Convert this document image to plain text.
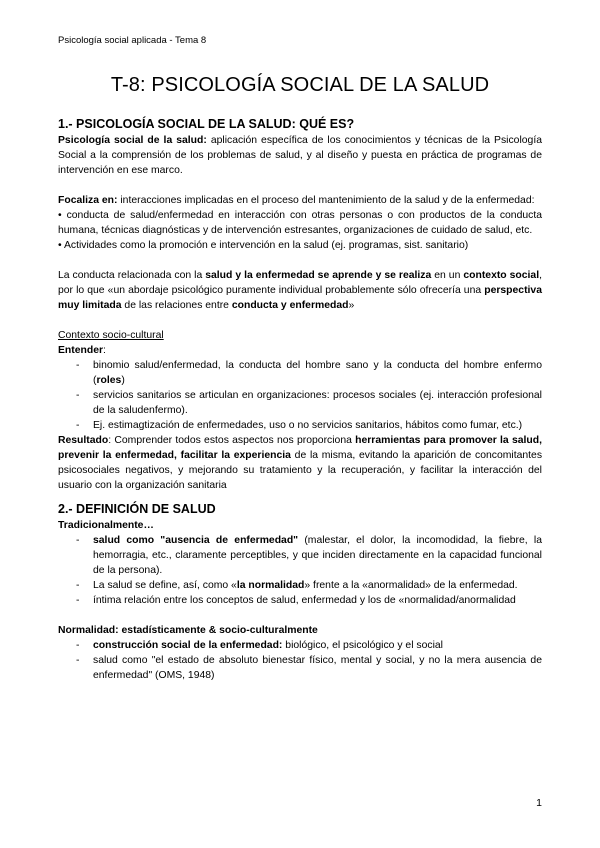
Psicología social aplicada - Tema 8
T-8: PSICOLOGÍA SOCIAL DE LA SALUD
1.- PSICOLOGÍA SOCIAL DE LA SALUD: QUÉ ES?

Psicología social de la salud: aplicación específica de los conocimientos y técnicas de la Psicología Social a la comprensión de los problemas de salud, y al diseño y puesta en práctica de programas de intervención en ese marco.

Focaliza en: interacciones implicadas en el proceso del mantenimiento de la salud y de la enfermedad:

• conducta de salud/enfermedad en interacción con otras personas o con productos de la conducta humana, técnicas diagnósticas y de intervención estresantes, organizaciones de cuidado de salud, etc.

• Actividades como la promoción e intervención en la salud (ej. programas, sist. sanitario)

La conducta relacionada con la salud y la enfermedad se aprende y se realiza en un contexto social, por lo que «un abordaje psicológico puramente individual probablemente sólo ofrecería una perspectiva muy limitada de las relaciones entre conducta y enfermedad»

Contexto socio-cultural

Entender:

- binomio salud/enfermedad, la conducta del hombre sano y la conducta del hombre enfermo (roles)
- servicios sanitarios se articulan en organizaciones: procesos sociales (ej. interacción profesional de la saludenfermo).
- Ej. estimagtización de enfermedades, uso o no servicios sanitarios, hábitos como fumar, etc.)

Resultado: Comprender todos estos aspectos nos proporciona herramientas para promover la salud, prevenir la enfermedad, facilitar la experiencia de la misma, evitando la aparición de concomitantes psicosociales negativos, y mejorando su tratamiento y la recuperación, y facilitar la interacción del usuario con la organización sanitaria

2.- DEFINICIÓN DE SALUD

Tradicionalmente…

- salud como "ausencia de enfermedad" (malestar, el dolor, la incomodidad, la fiebre, la hemorragia, etc., claramente perceptibles, y que inciden directamente en la capacidad funcional de la persona).
- La salud se define, así, como «la normalidad» frente a la «anormalidad» de la enfermedad.
- íntima relación entre los conceptos de salud, enfermedad y los de «normalidad/anormalidad

Normalidad: estadísticamente & socio-culturalmente

- construcción social de la enfermedad: biológico, el psicológico y el social
- salud como "el estado de absoluto bienestar físico, mental y social, y no la mera ausencia de enfermedad" (OMS, 1948)
1
